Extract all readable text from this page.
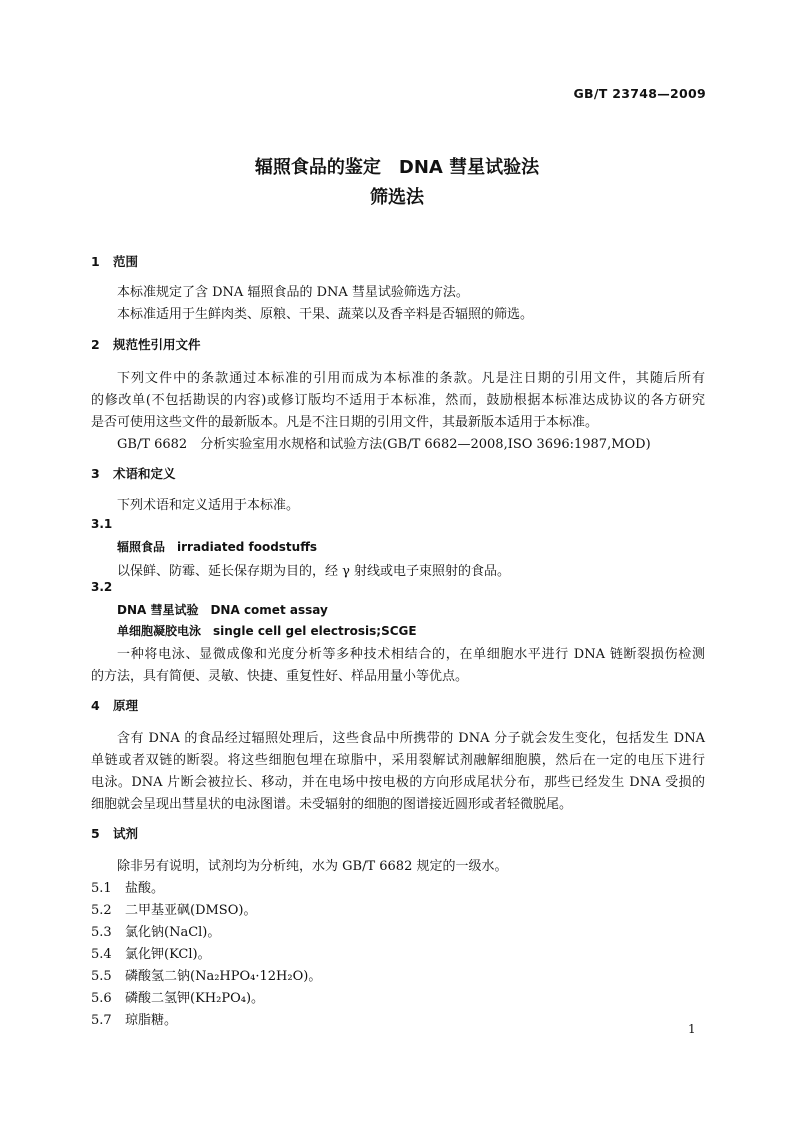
GB/T 23748—2009
辐照食品的鉴定　DNA 彗星试验法
筛选法
1 范围
本标准规定了含 DNA 辐照食品的 DNA 彗星试验筛选方法。
本标准适用于生鲜肉类、原粮、干果、蔬菜以及香辛料是否辐照的筛选。
2 规范性引用文件
下列文件中的条款通过本标准的引用而成为本标准的条款。凡是注日期的引用文件，其随后所有
的修改单(不包括勘误的内容)或修订版均不适用于本标准，然而，鼓励根据本标准达成协议的各方研究
是否可使用这些文件的最新版本。凡是不注日期的引用文件，其最新版本适用于本标准。
GB/T 6682　分析实验室用水规格和试验方法(GB/T 6682—2008,ISO 3696:1987,MOD)
3 术语和定义
下列术语和定义适用于本标准。
3.1
辐照食品　irradiated foodstuffs
以保鲜、防霉、延长保存期为目的，经 γ 射线或电子束照射的食品。
3.2
DNA 彗星试验　DNA comet assay
单细胞凝胶电泳　single cell gel electrosis;SCGE
一种将电泳、显微成像和光度分析等多种技术相结合的，在单细胞水平进行 DNA 链断裂损伤检测
的方法，具有简便、灵敏、快捷、重复性好、样品用量小等优点。
4 原理
含有 DNA 的食品经过辐照处理后，这些食品中所携带的 DNA 分子就会发生变化，包括发生 DNA
单链或者双链的断裂。将这些细胞包埋在琼脂中，采用裂解试剂融解细胞膜，然后在一定的电压下进行
电泳。DNA 片断会被拉长、移动，并在电场中按电极的方向形成尾状分布，那些已经发生 DNA 受损的
细胞就会呈现出彗星状的电泳图谱。未受辐射的细胞的图谱接近圆形或者轻微脱尾。
5 试剂
除非另有说明，试剂均为分析纯，水为 GB/T 6682 规定的一级水。
5.1 盐酸。
5.2 二甲基亚砜(DMSO)。
5.3 氯化钠(NaCl)。
5.4 氯化钾(KCl)。
5.5 磷酸氢二钠(Na₂HPO₄·12H₂O)。
5.6 磷酸二氢钾(KH₂PO₄)。
5.7 琼脂糖。
1
